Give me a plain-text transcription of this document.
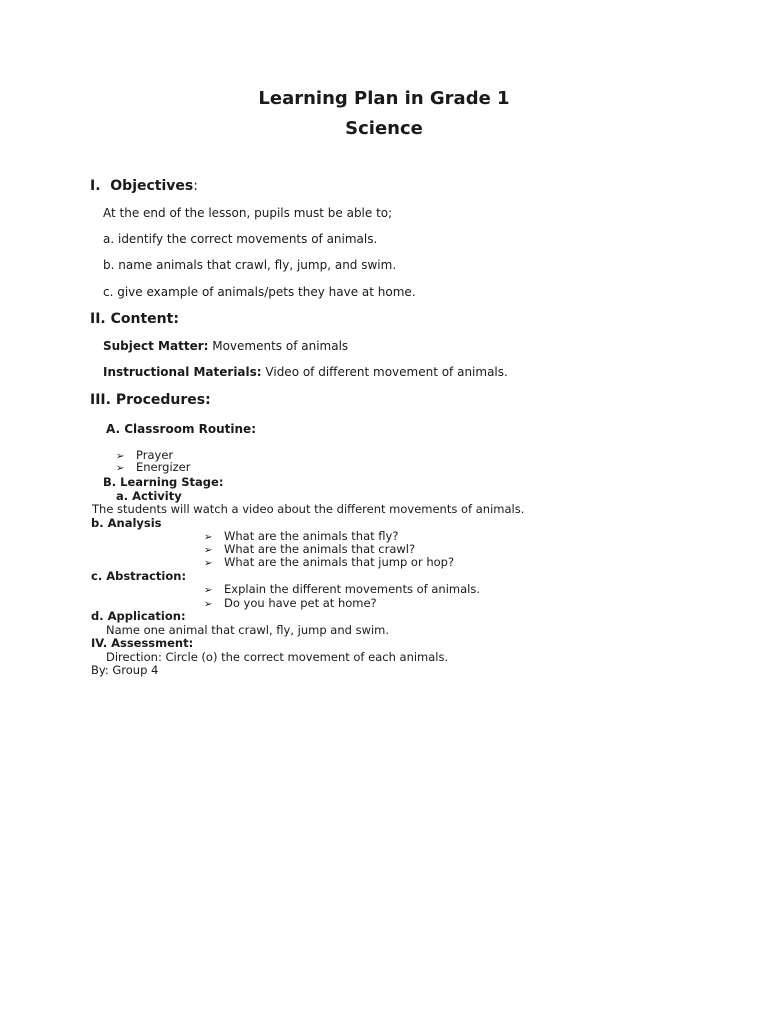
Learning Plan in Grade 1
Science
I. Objectives:
At the end of the lesson, pupils must be able to;
a. identify the correct movements of animals.
b. name animals that crawl, fly, jump, and swim.
c. give example of animals/pets they have at home.
II. Content:
Subject Matter: Movements of animals
Instructional Materials: Video of different movement of animals.
III. Procedures:
A. Classroom Routine:
➢ Prayer
➢ Energizer
B. Learning Stage:
a. Activity
The students will watch a video about the different movements of animals.
b. Analysis
➢ What are the animals that fly?
➢ What are the animals that crawl?
➢ What are the animals that jump or hop?
c. Abstraction:
➢ Explain the different movements of animals.
➢ Do you have pet at home?
d. Application:
Name one animal that crawl, fly, jump and swim.
IV. Assessment:
Direction: Circle (o) the correct movement of each animals.
By: Group 4
